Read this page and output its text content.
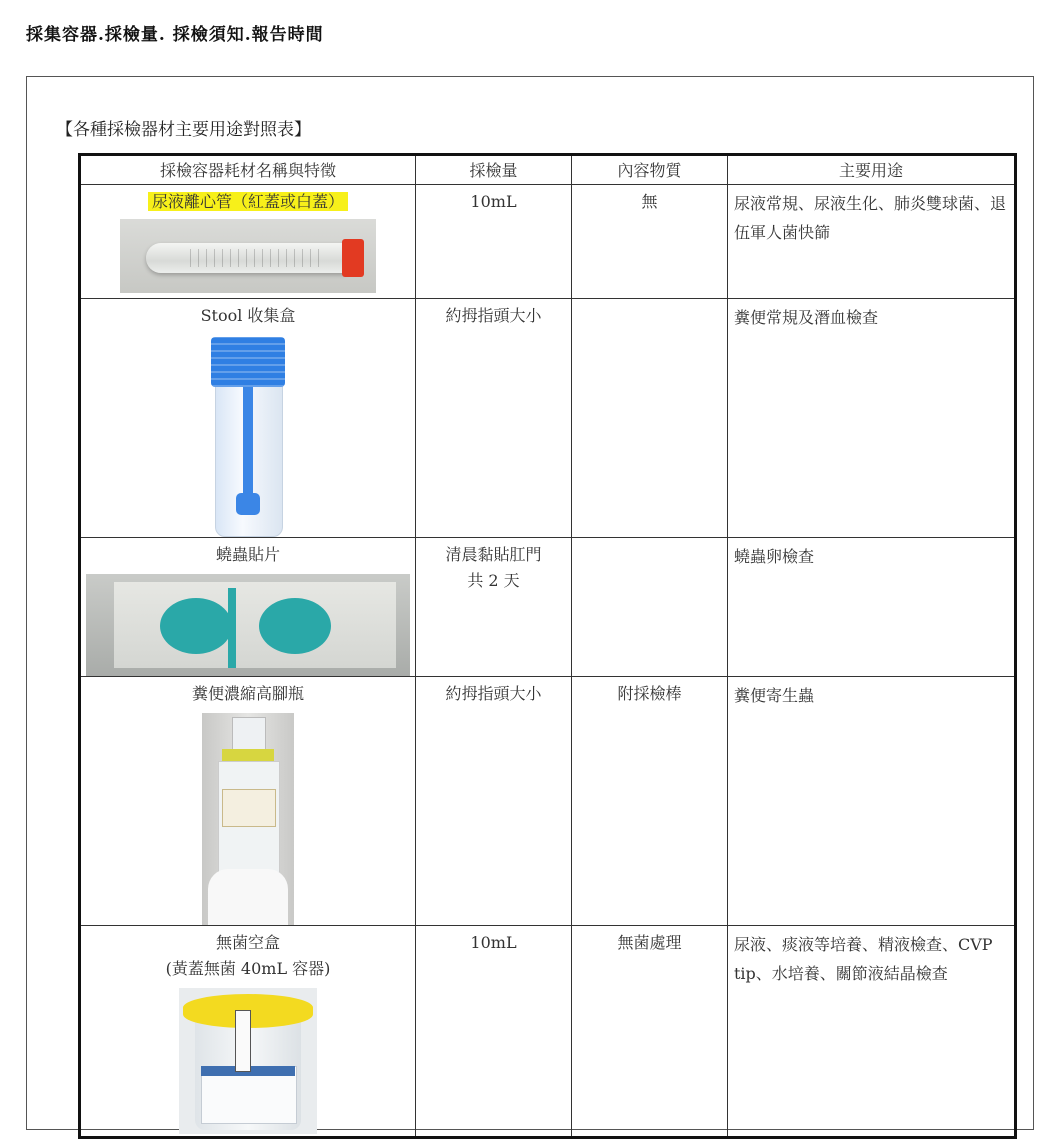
採集容器.採檢量. 採檢須知.報告時間
【各種採檢器材主要用途對照表】
採檢容器耗材名稱與特徵	採檢量	內容物質	主要用途

尿液離心管（紅蓋或白蓋）	10mL	無	尿液常規、尿液生化、肺炎雙球菌、退伍軍人菌快篩

Stool 收集盒	約拇指頭大小		糞便常規及潛血檢查

蟯蟲貼片	清晨黏貼肛門
共 2 天		蟯蟲卵檢查

糞便濃縮高腳瓶	約拇指頭大小	附採檢棒	糞便寄生蟲

無菌空盒
(黃蓋無菌 40mL 容器)	10mL	無菌處理	尿液、痰液等培養、精液檢查、CVP tip、水培養、關節液結晶檢查
